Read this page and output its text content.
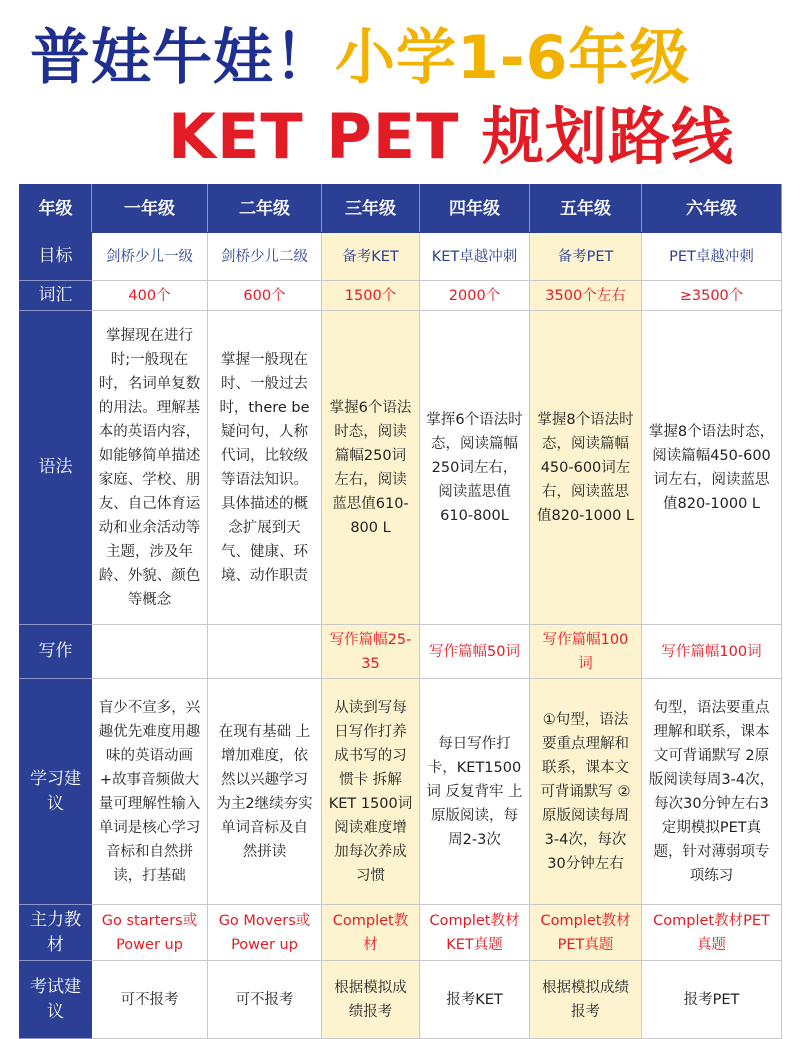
普娃牛娃！小学1-6年级
KET PET 规划路线
年级	一年级	二年级	三年级	四年级	五年级	六年级
目标	剑桥少儿一级	剑桥少儿二级	备考KET	KET卓越冲刺	备考PET	PET卓越冲刺
词汇	400个	600个	1500个	2000个	3500个左右	≥3500个
语法	掌握现在进行时;一般现在时，名词单复数的用法。理解基本的英语内容，如能够简单描述家庭、学校、朋友、自己体育运动和业余活动等主题，涉及年龄、外貌、颜色等概念	掌握一般现在时、一般过去时，there be疑问句，人称代词，比较级等语法知识。具体描述的概念扩展到天气、健康、环境、动作职责	掌握6个语法时态，阅读篇幅250词左右，阅读蓝思值610-800 L	掌挥6个语法时态，阅读篇幅250词左右，阅读蓝思值610-800L	掌握8个语法时态，阅读篇幅450-600词左右，阅读蓝思值820-1000 L	掌握8个语法时态，阅读篇幅450-600词左右，阅读蓝思值820-1000 L
写作			写作篇幅25-35	写作篇幅50词	写作篇幅100词	写作篇幅100词
学习建议	盲少不宣多，兴趣优先难度用趣味的英语动画+故事音频做大量可理解性输入 单词是核心学习音标和自然拼读，打基础	在现有基础 上增加难度，依然以兴趣学习为主2继续夯实单词音标及自然拼读	从读到写每日写作打养成书写的习惯卡 拆解KET 1500词 阅读难度增加每次养成习惯	每日写作打卡，KET1500词 反复背牢 上原版阅读，每周2-3次	①句型，语法要重点理解和联系，课本文可背诵默写 ②原版阅读每周3-4次，每次30分钟左右	句型，语法要重点理解和联系，课本文可背诵默写 2原版阅读每周3-4次，每次30分钟左右3定期模拟PET真题，针对薄弱项专项练习
主力教材	Go starters或Power up	Go Movers或Power up	Complet教材	Complet教材KET真题	Complet教材PET真题	Complet教材PET真题
考试建议	可不报考	可不报考	根据模拟成绩报考	报考KET	根据模拟成绩报考	报考PET
